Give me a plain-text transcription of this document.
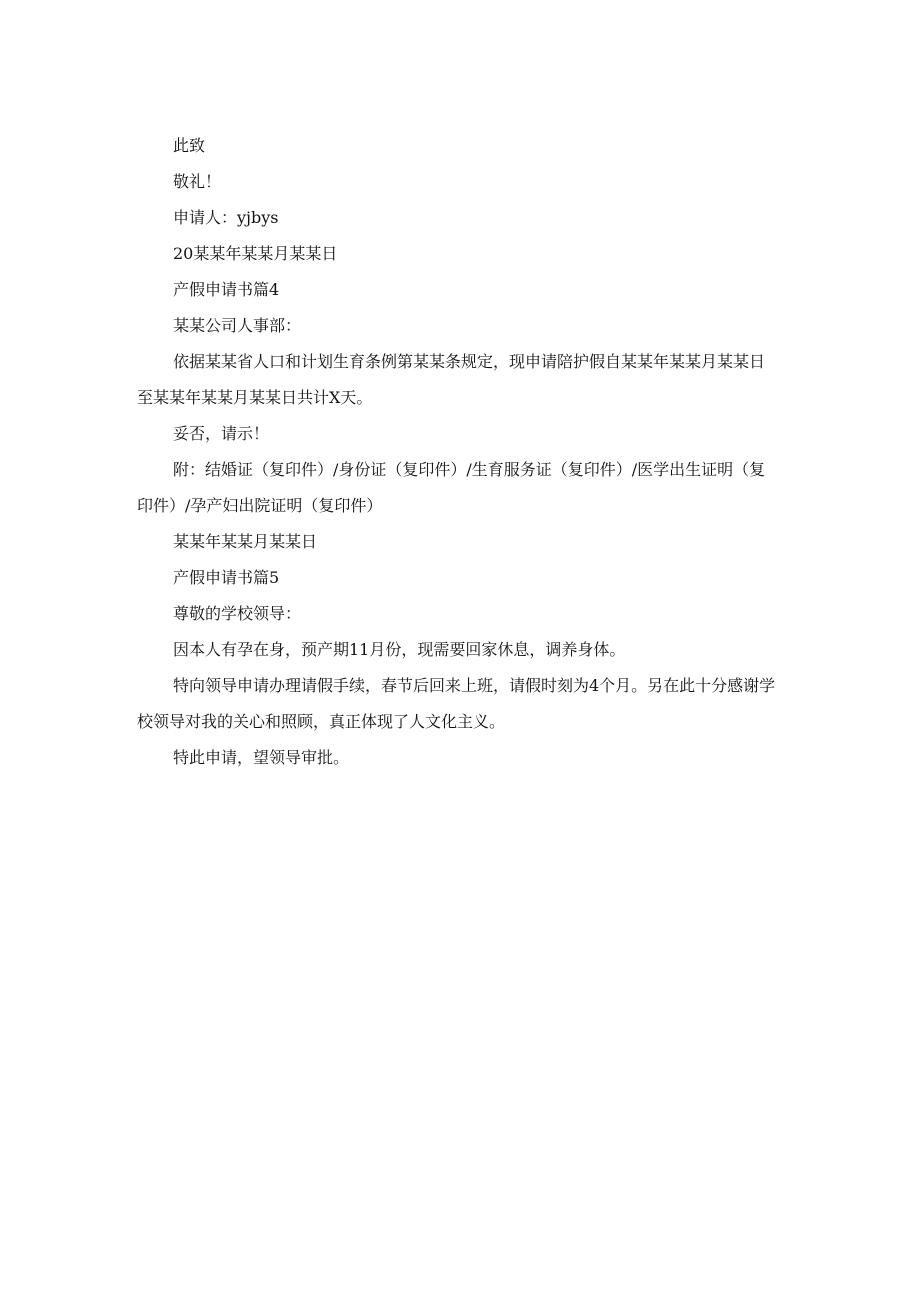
此致

敬礼！

申请人：yjbys

20某某年某某月某某日

产假申请书篇4

某某公司人事部：

依据某某省人口和计划生育条例第某某条规定，现申请陪护假自某某年某某月某某日至某某年某某月某某日共计X天。

妥否，请示！

附：结婚证（复印件）/身份证（复印件）/生育服务证（复印件）/医学出生证明（复印件）/孕产妇出院证明（复印件）

某某年某某月某某日

产假申请书篇5

尊敬的学校领导：

因本人有孕在身，预产期11月份，现需要回家休息，调养身体。

特向领导申请办理请假手续，春节后回来上班，请假时刻为4个月。另在此十分感谢学校领导对我的关心和照顾，真正体现了人文化主义。

特此申请，望领导审批。
